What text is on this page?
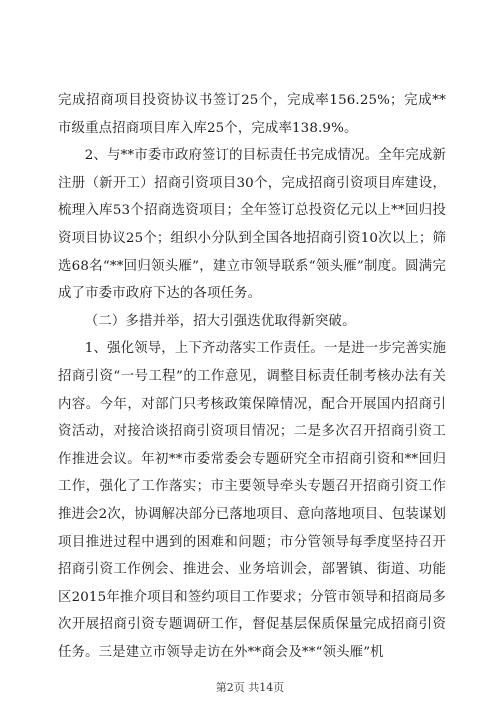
完成招商项目投资协议书签订25个，完成率156.25%；完成**市级重点招商项目库入库25个，完成率138.9%。

2、与**市委市政府签订的目标责任书完成情况。全年完成新注册（新开工）招商引资项目30个，完成招商引资项目库建设，梳理入库53个招商选资项目；全年签订总投资亿元以上**回归投资项目协议25个；组织小分队到全国各地招商引资10次以上；筛选68名“**回归领头雁”，建立市领导联系“领头雁”制度。圆满完成了市委市政府下达的各项任务。

（二）多措并举，招大引强迭优取得新突破。

1、强化领导，上下齐动落实工作责任。一是进一步完善实施招商引资“一号工程”的工作意见，调整目标责任制考核办法有关内容。今年，对部门只考核政策保障情况，配合开展国内招商引资活动，对接洽谈招商引资项目情况；二是多次召开招商引资工作推进会议。年初**市委常委会专题研究全市招商引资和**回归工作，强化了工作落实；市主要领导牵头专题召开招商引资工作推进会2次，协调解决部分已落地项目、意向落地项目、包装谋划项目推进过程中遇到的困难和问题；市分管领导每季度坚持召开招商引资工作例会、推进会、业务培训会，部署镇、街道、功能区2015年推介项目和签约项目工作要求；分管市领导和招商局多次开展招商引资专题调研工作，督促基层保质保量完成招商引资任务。三是建立市领导走访在外**商会及**“领头雁”机

第2页 共14页
